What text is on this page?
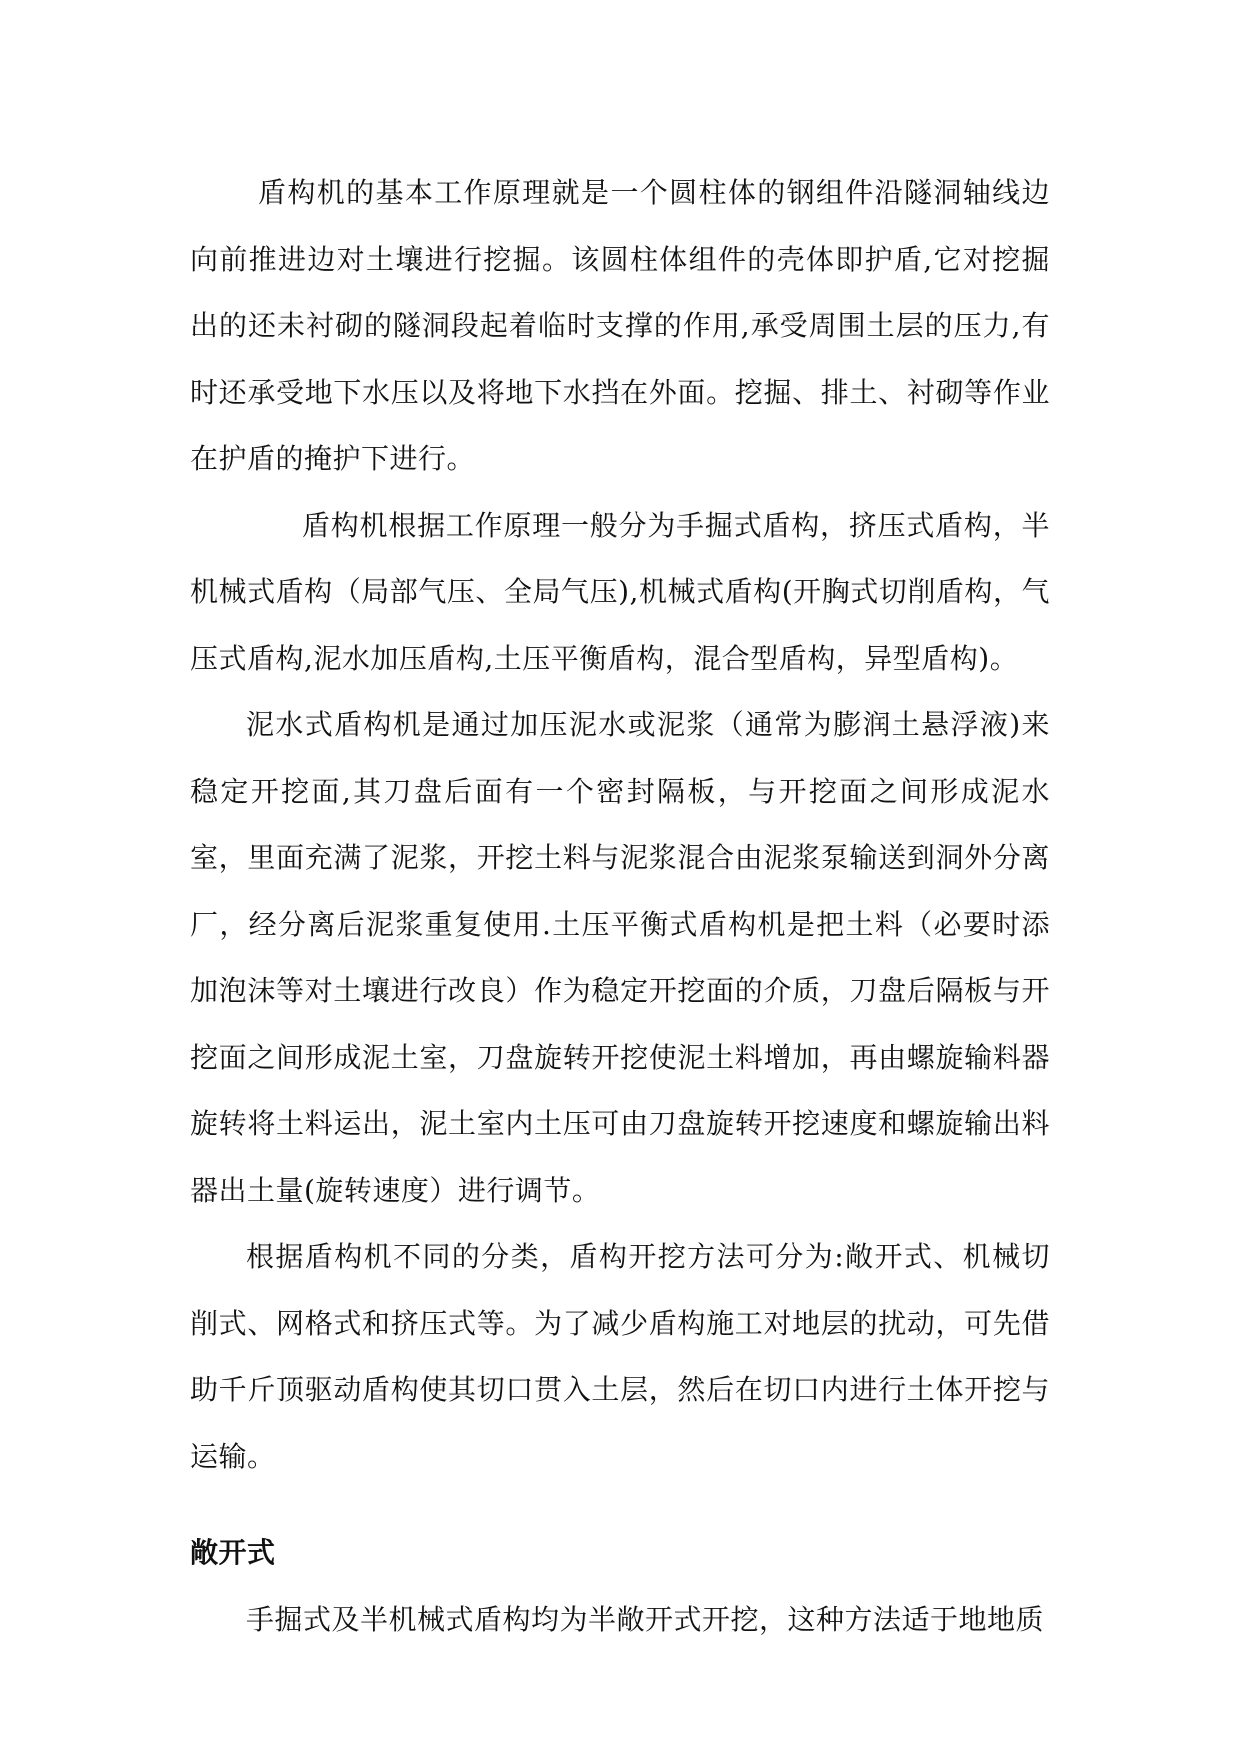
盾构机的基本工作原理就是一个圆柱体的钢组件沿隧洞轴线边向前推进边对土壤进行挖掘。该圆柱体组件的壳体即护盾,它对挖掘出的还未衬砌的隧洞段起着临时支撑的作用,承受周围土层的压力,有时还承受地下水压以及将地下水挡在外面。挖掘、排土、衬砌等作业在护盾的掩护下进行。

盾构机根据工作原理一般分为手掘式盾构，挤压式盾构，半机械式盾构（局部气压、全局气压),机械式盾构(开胸式切削盾构，气压式盾构,泥水加压盾构,土压平衡盾构，混合型盾构，异型盾构)。

泥水式盾构机是通过加压泥水或泥浆（通常为膨润土悬浮液)来稳定开挖面,其刀盘后面有一个密封隔板，与开挖面之间形成泥水室，里面充满了泥浆，开挖土料与泥浆混合由泥浆泵输送到洞外分离厂，经分离后泥浆重复使用.土压平衡式盾构机是把土料（必要时添加泡沫等对土壤进行改良）作为稳定开挖面的介质，刀盘后隔板与开挖面之间形成泥土室，刀盘旋转开挖使泥土料增加，再由螺旋输料器旋转将土料运出，泥土室内土压可由刀盘旋转开挖速度和螺旋输出料器出土量(旋转速度）进行调节。

根据盾构机不同的分类，盾构开挖方法可分为:敞开式、机械切削式、网格式和挤压式等。为了减少盾构施工对地层的扰动，可先借助千斤顶驱动盾构使其切口贯入土层，然后在切口内进行土体开挖与运输。

敞开式

手掘式及半机械式盾构均为半敞开式开挖，这种方法适于地地质
